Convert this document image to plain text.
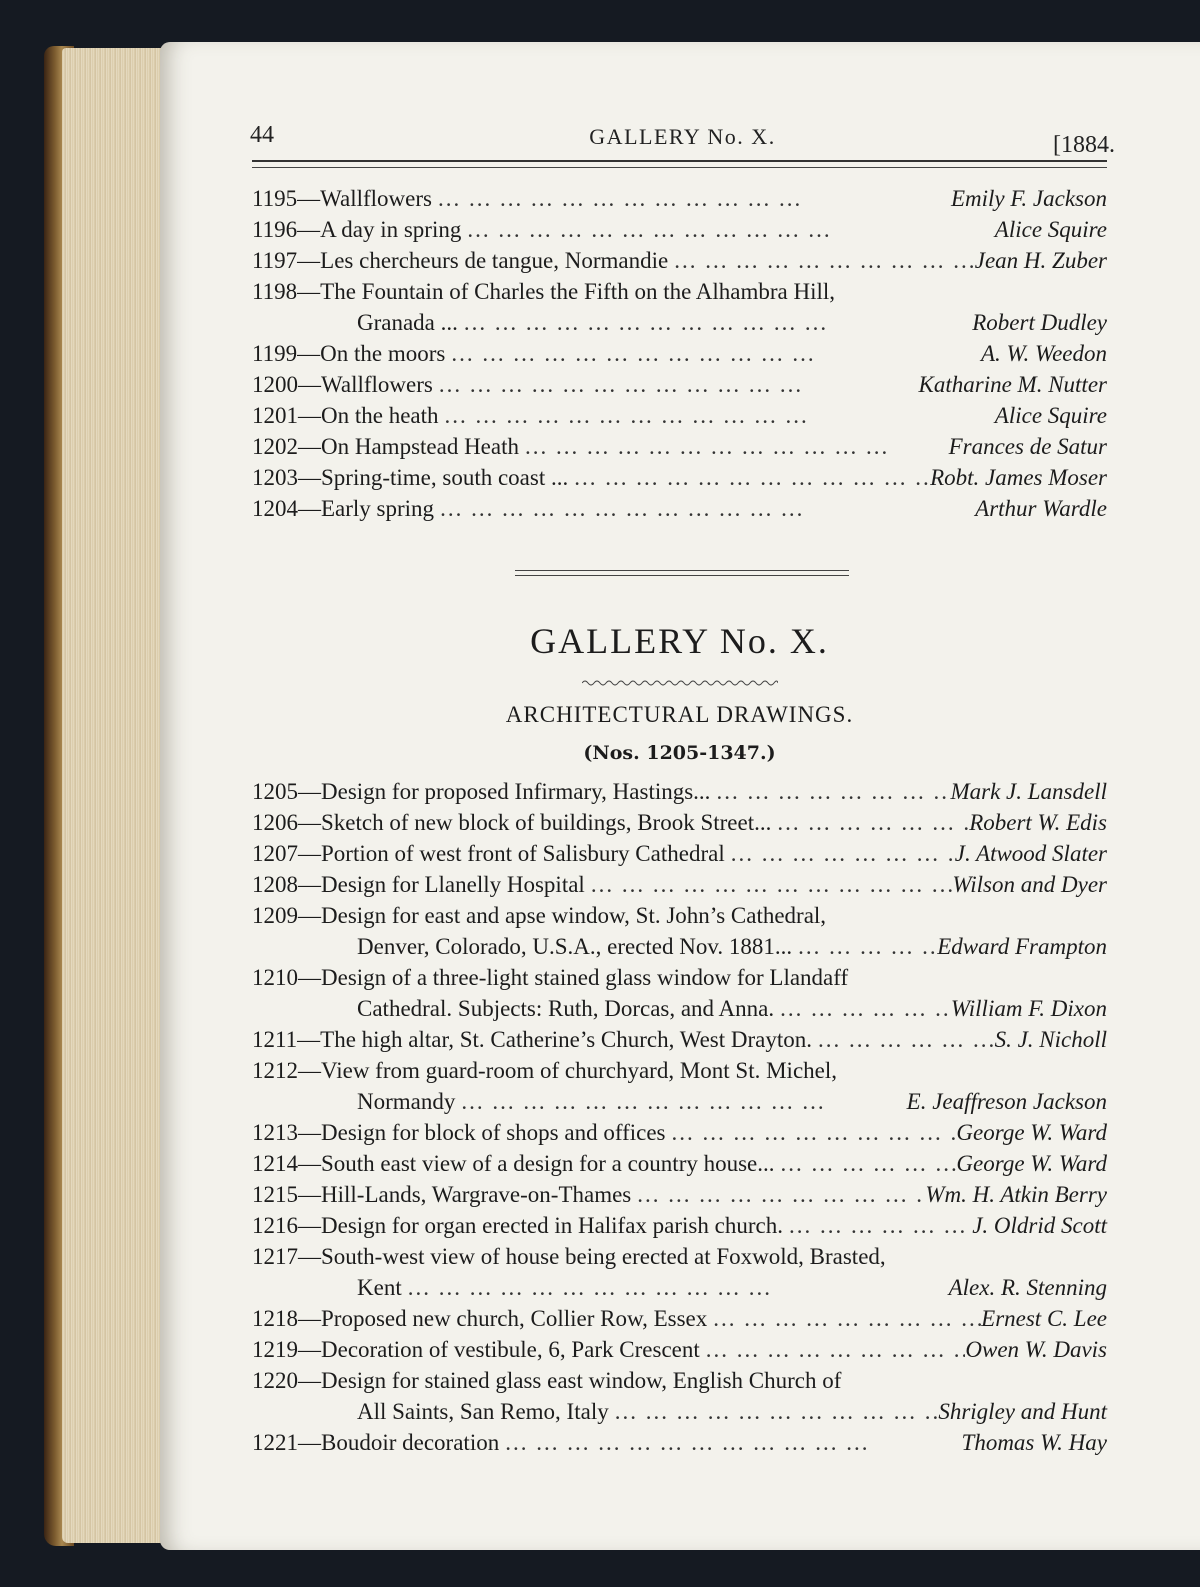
44	GALLERY No. X.	[1884.
1195—Wallflowers ...	Emily F. Jackson
1196—A day in spring ...	Alice Squire
1197—Les chercheurs de tangue, Normandie ...	Jean H. Zuber
1198—The Fountain of Charles the Fifth on the Alhambra Hill,
Granada ... ...	Robert Dudley
1199—On the moors ...	A. W. Weedon
1200—Wallflowers ...	Katharine M. Nutter
1201—On the heath ...	Alice Squire
1202—On Hampstead Heath ...	Frances de Satur
1203—Spring-time, south coast ... ...	Robt. James Moser
1204—Early spring ...	Arthur Wardle
GALLERY No. X.
ARCHITECTURAL DRAWINGS.
(Nos. 1205-1347.)
1205—Design for proposed Infirmary, Hastings... ...	Mark J. Lansdell
1206—Sketch of new block of buildings, Brook Street... ...	Robert W. Edis
1207—Portion of west front of Salisbury Cathedral ...	J. Atwood Slater
1208—Design for Llanelly Hospital ...	Wilson and Dyer
1209—Design for east and apse window, St. John’s Cathedral,
Denver, Colorado, U.S.A., erected Nov. 1881... ...	Edward Frampton
1210—Design of a three-light stained glass window for Llandaff
Cathedral. Subjects: Ruth, Dorcas, and Anna. ...	William F. Dixon
1211—The high altar, St. Catherine’s Church, West Drayton. ...	S. J. Nicholl
1212—View from guard-room of churchyard, Mont St. Michel,
Normandy ...	E. Jeaffreson Jackson
1213—Design for block of shops and offices ...	George W. Ward
1214—South east view of a design for a country house... ...	George W. Ward
1215—Hill-Lands, Wargrave-on-Thames ...	Wm. H. Atkin Berry
1216—Design for organ erected in Halifax parish church. ...	J. Oldrid Scott
1217—South-west view of house being erected at Foxwold, Brasted,
Kent ...	Alex. R. Stenning
1218—Proposed new church, Collier Row, Essex ...	Ernest C. Lee
1219—Decoration of vestibule, 6, Park Crescent ...	Owen W. Davis
1220—Design for stained glass east window, English Church of
All Saints, San Remo, Italy ...	Shrigley and Hunt
1221—Boudoir decoration ...	Thomas W. Hay
